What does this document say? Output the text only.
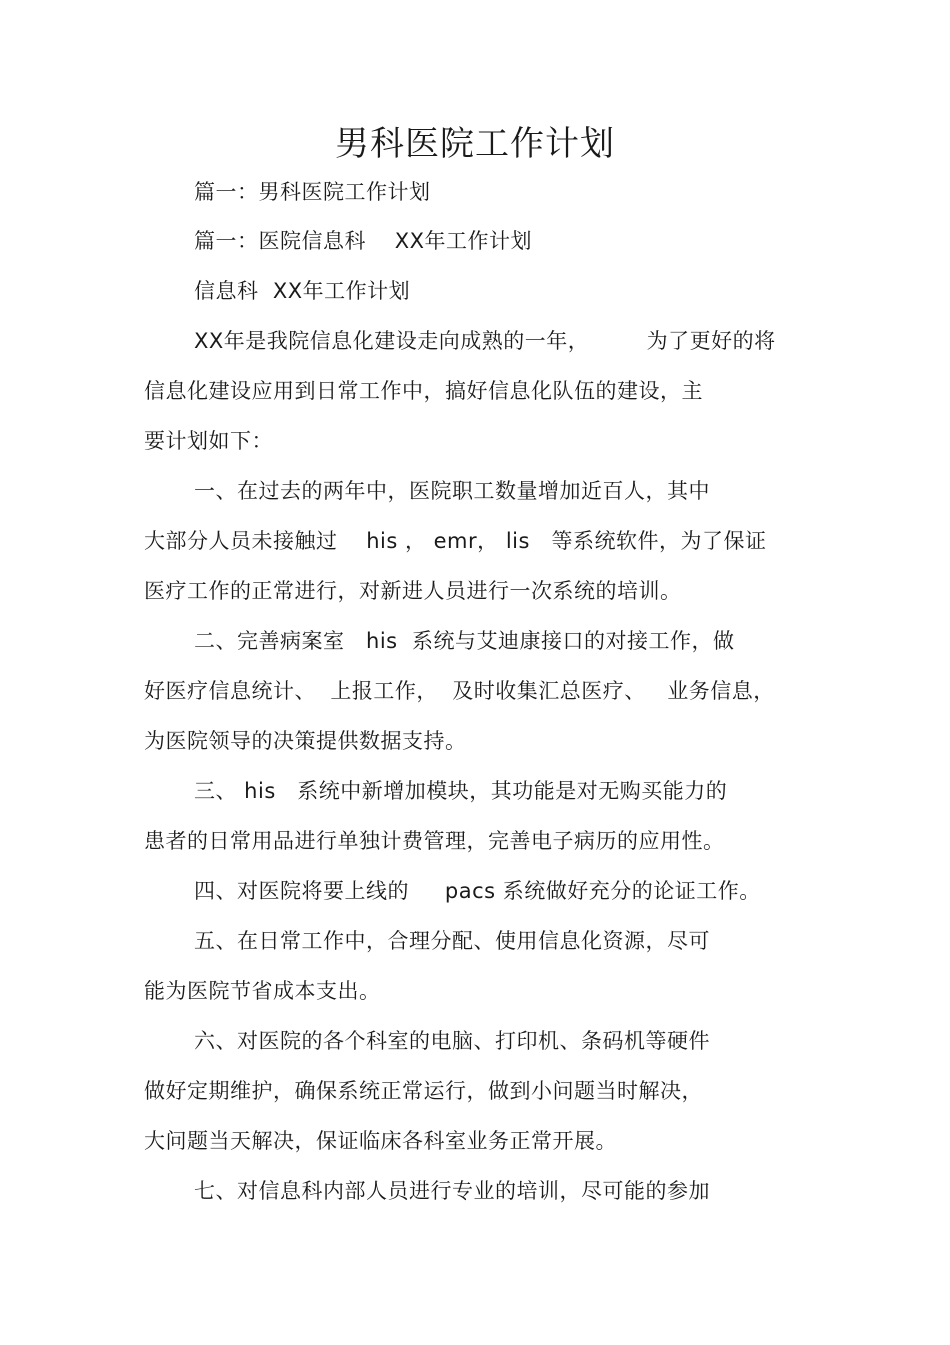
男科医院工作计划
篇一：男科医院工作计划
篇一：医院信息科    XX年工作计划
信息科  XX年工作计划
XX年是我院信息化建设走向成熟的一年，        为了更好的将
信息化建设应用到日常工作中，搞好信息化队伍的建设，主
要计划如下：
一、在过去的两年中，医院职工数量增加近百人，其中
大部分人员未接触过    his ， emr， lis   等系统软件，为了保证
医疗工作的正常进行，对新进人员进行一次系统的培训。
二、完善病案室   his  系统与艾迪康接口的对接工作，做
好医疗信息统计、  上报工作，  及时收集汇总医疗、   业务信息，
为医院领导的决策提供数据支持。
三、 his   系统中新增加模块，其功能是对无购买能力的
患者的日常用品进行单独计费管理，完善电子病历的应用性。
四、对医院将要上线的     pacs 系统做好充分的论证工作。
五、在日常工作中，合理分配、使用信息化资源，尽可
能为医院节省成本支出。
六、对医院的各个科室的电脑、打印机、条码机等硬件
做好定期维护，确保系统正常运行，做到小问题当时解决，
大问题当天解决，保证临床各科室业务正常开展。
七、对信息科内部人员进行专业的培训，尽可能的参加
